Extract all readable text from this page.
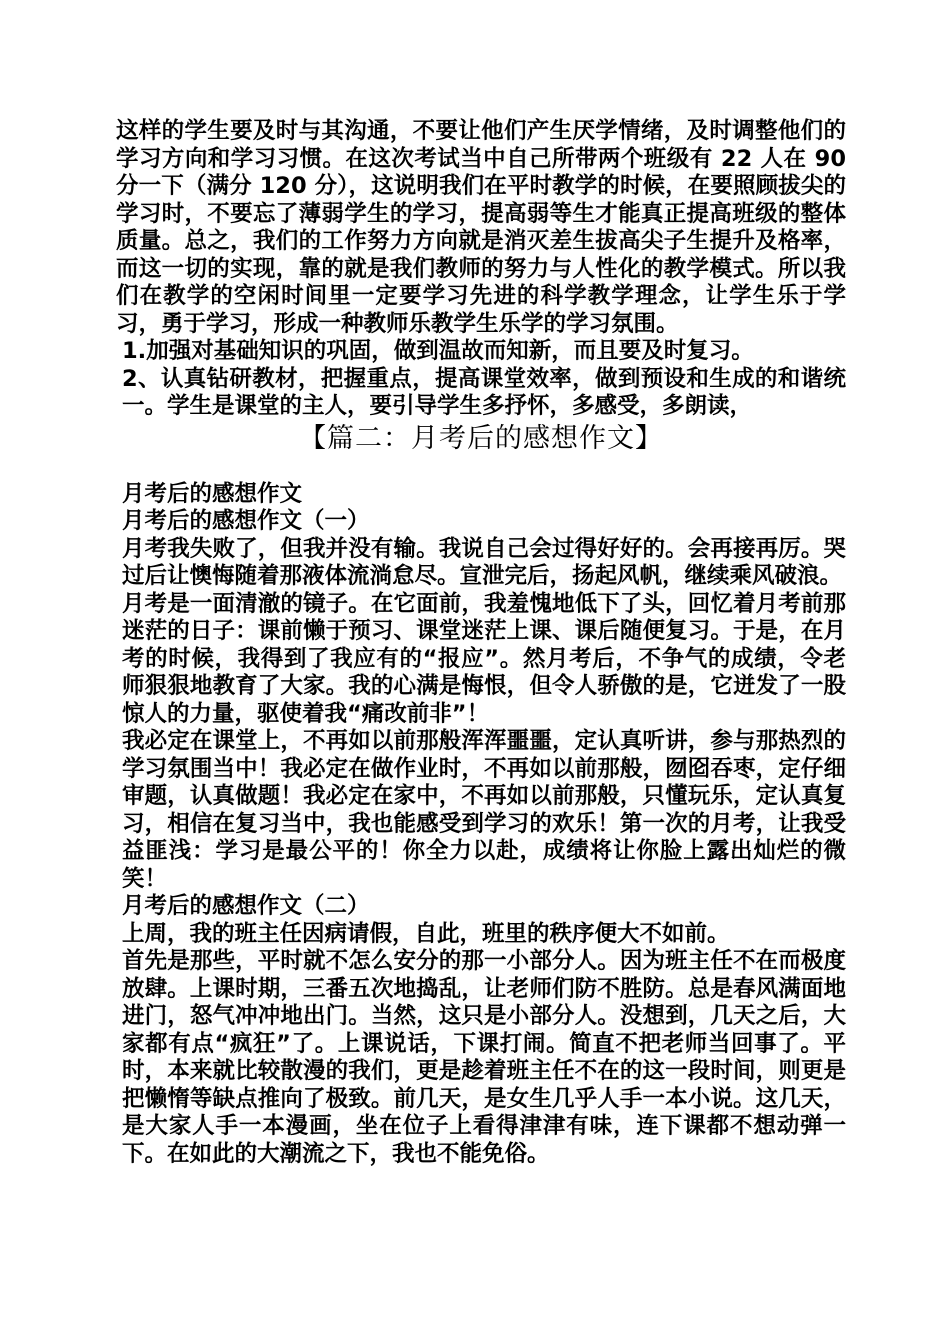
这样的学生要及时与其沟通，不要让他们产生厌学情绪，及时调整他们的学习方向和学习习惯。在这次考试当中自己所带两个班级有 22 人在 90 分一下（满分 120 分），这说明我们在平时教学的时候，在要照顾拔尖的学习时，不要忘了薄弱学生的学习，提高弱等生才能真正提高班级的整体质量。总之，我们的工作努力方向就是消灭差生拔高尖子生提升及格率，而这一切的实现，靠的就是我们教师的努力与人性化的教学模式。所以我们在教学的空闲时间里一定要学习先进的科学教学理念，让学生乐于学习，勇于学习，形成一种教师乐教学生乐学的学习氛围。

1.加强对基础知识的巩固，做到温故而知新，而且要及时复习。

2、认真钻研教材，把握重点，提高课堂效率，做到预设和生成的和谐统一。学生是课堂的主人，要引导学生多抒怀，多感受，多朗读，

【篇二：月考后的感想作文】

月考后的感想作文

月考后的感想作文（一）

月考我失败了，但我并没有输。我说自己会过得好好的。会再接再厉。哭过后让懊悔随着那液体流淌怠尽。宣泄完后，扬起风帆，继续乘风破浪。

月考是一面清澈的镜子。在它面前，我羞愧地低下了头，回忆着月考前那迷茫的日子：课前懒于预习、课堂迷茫上课、课后随便复习。于是，在月考的时候，我得到了我应有的“报应”。然月考后，不争气的成绩，令老师狠狠地教育了大家。我的心满是悔恨，但令人骄傲的是，它迸发了一股惊人的力量，驱使着我“痛改前非”！

我必定在课堂上，不再如以前那般浑浑噩噩，定认真听讲，参与那热烈的学习氛围当中！我必定在做作业时，不再如以前那般，囫囵吞枣，定仔细审题，认真做题！我必定在家中，不再如以前那般，只懂玩乐，定认真复习，相信在复习当中，我也能感受到学习的欢乐！第一次的月考，让我受益匪浅：学习是最公平的！你全力以赴，成绩将让你脸上露出灿烂的微笑！

月考后的感想作文（二）

上周，我的班主任因病请假，自此，班里的秩序便大不如前。

首先是那些，平时就不怎么安分的那一小部分人。因为班主任不在而极度放肆。上课时期，三番五次地捣乱，让老师们防不胜防。总是春风满面地进门，怒气冲冲地出门。当然，这只是小部分人。没想到，几天之后，大家都有点“疯狂”了。上课说话，下课打闹。简直不把老师当回事了。平时，本来就比较散漫的我们，更是趁着班主任不在的这一段时间，则更是把懒惰等缺点推向了极致。前几天，是女生几乎人手一本小说。这几天，是大家人手一本漫画，坐在位子上看得津津有味，连下课都不想动弹一下。在如此的大潮流之下，我也不能免俗。
